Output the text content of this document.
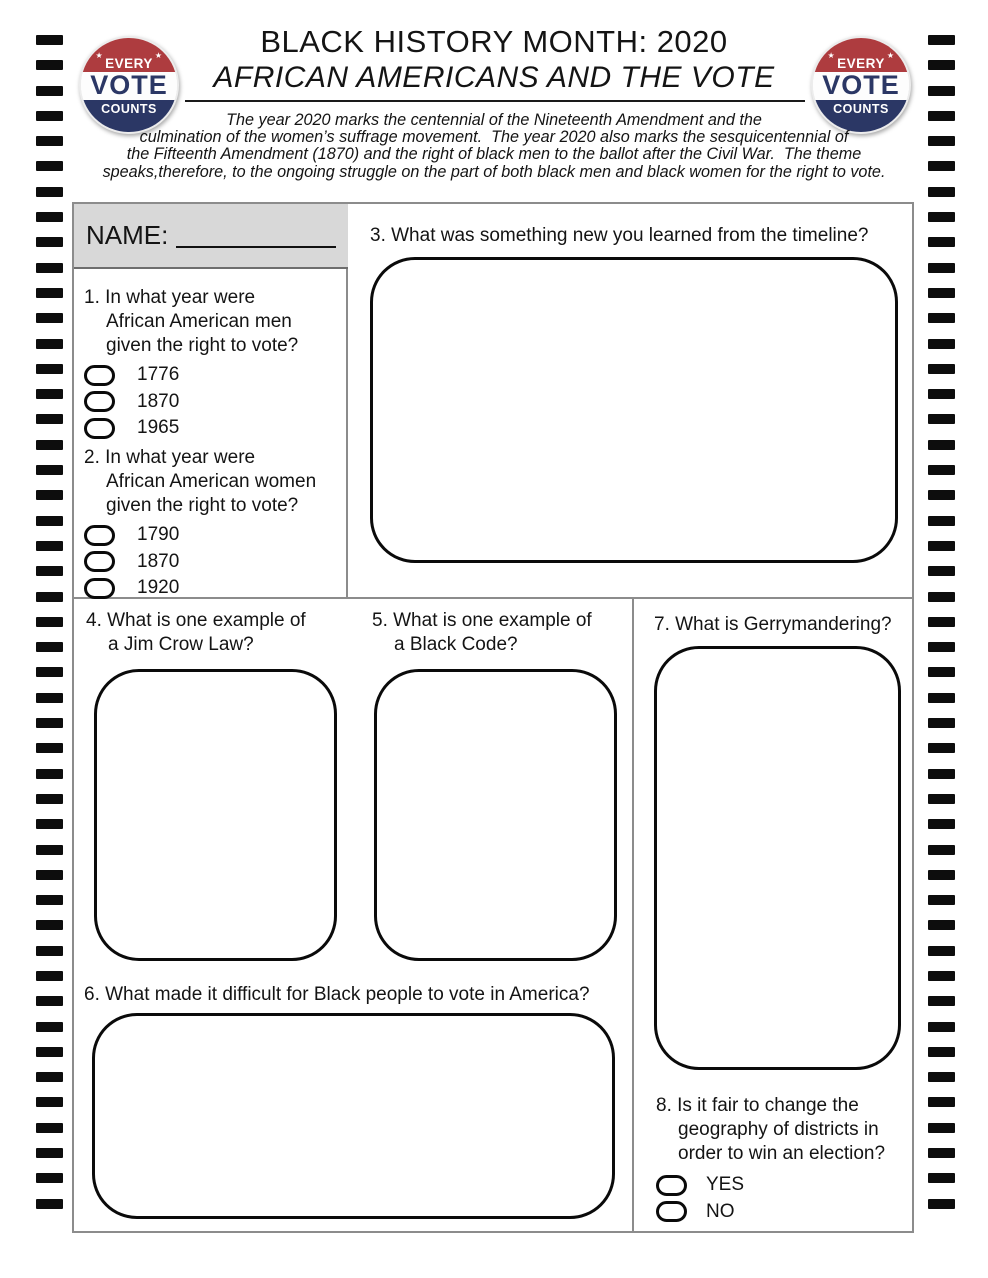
★ EVERY ★
VOTE
★
COUNTS
★
★ EVERY ★
VOTE
★
COUNTS
★
BLACK HISTORY MONTH: 2020
AFRICAN AMERICANS AND THE VOTE
The year 2020 marks the centennial of the Nineteenth Amendment and the
culmination of the women’s suffrage movement.  The year 2020 also marks the sesquicentennial of
the Fifteenth Amendment (1870) and the right of black men to the ballot after the Civil War.  The theme
speaks,therefore, to the ongoing struggle on the part of both black men and black women for the right to vote.
NAME:
1. In what year were
African American men
given the right to vote?
1776
1870
1965
2. In what year were
African American women
given the right to vote?
1790
1870
1920
3. What was something new you learned from the timeline?
4. What is one example of
a Jim Crow Law?
5. What is one example of
a Black Code?
6. What made it difficult for Black people to vote in America?
7. What is Gerrymandering?
8. Is it fair to change the
geography of districts in
order to win an election?
YES
NO
